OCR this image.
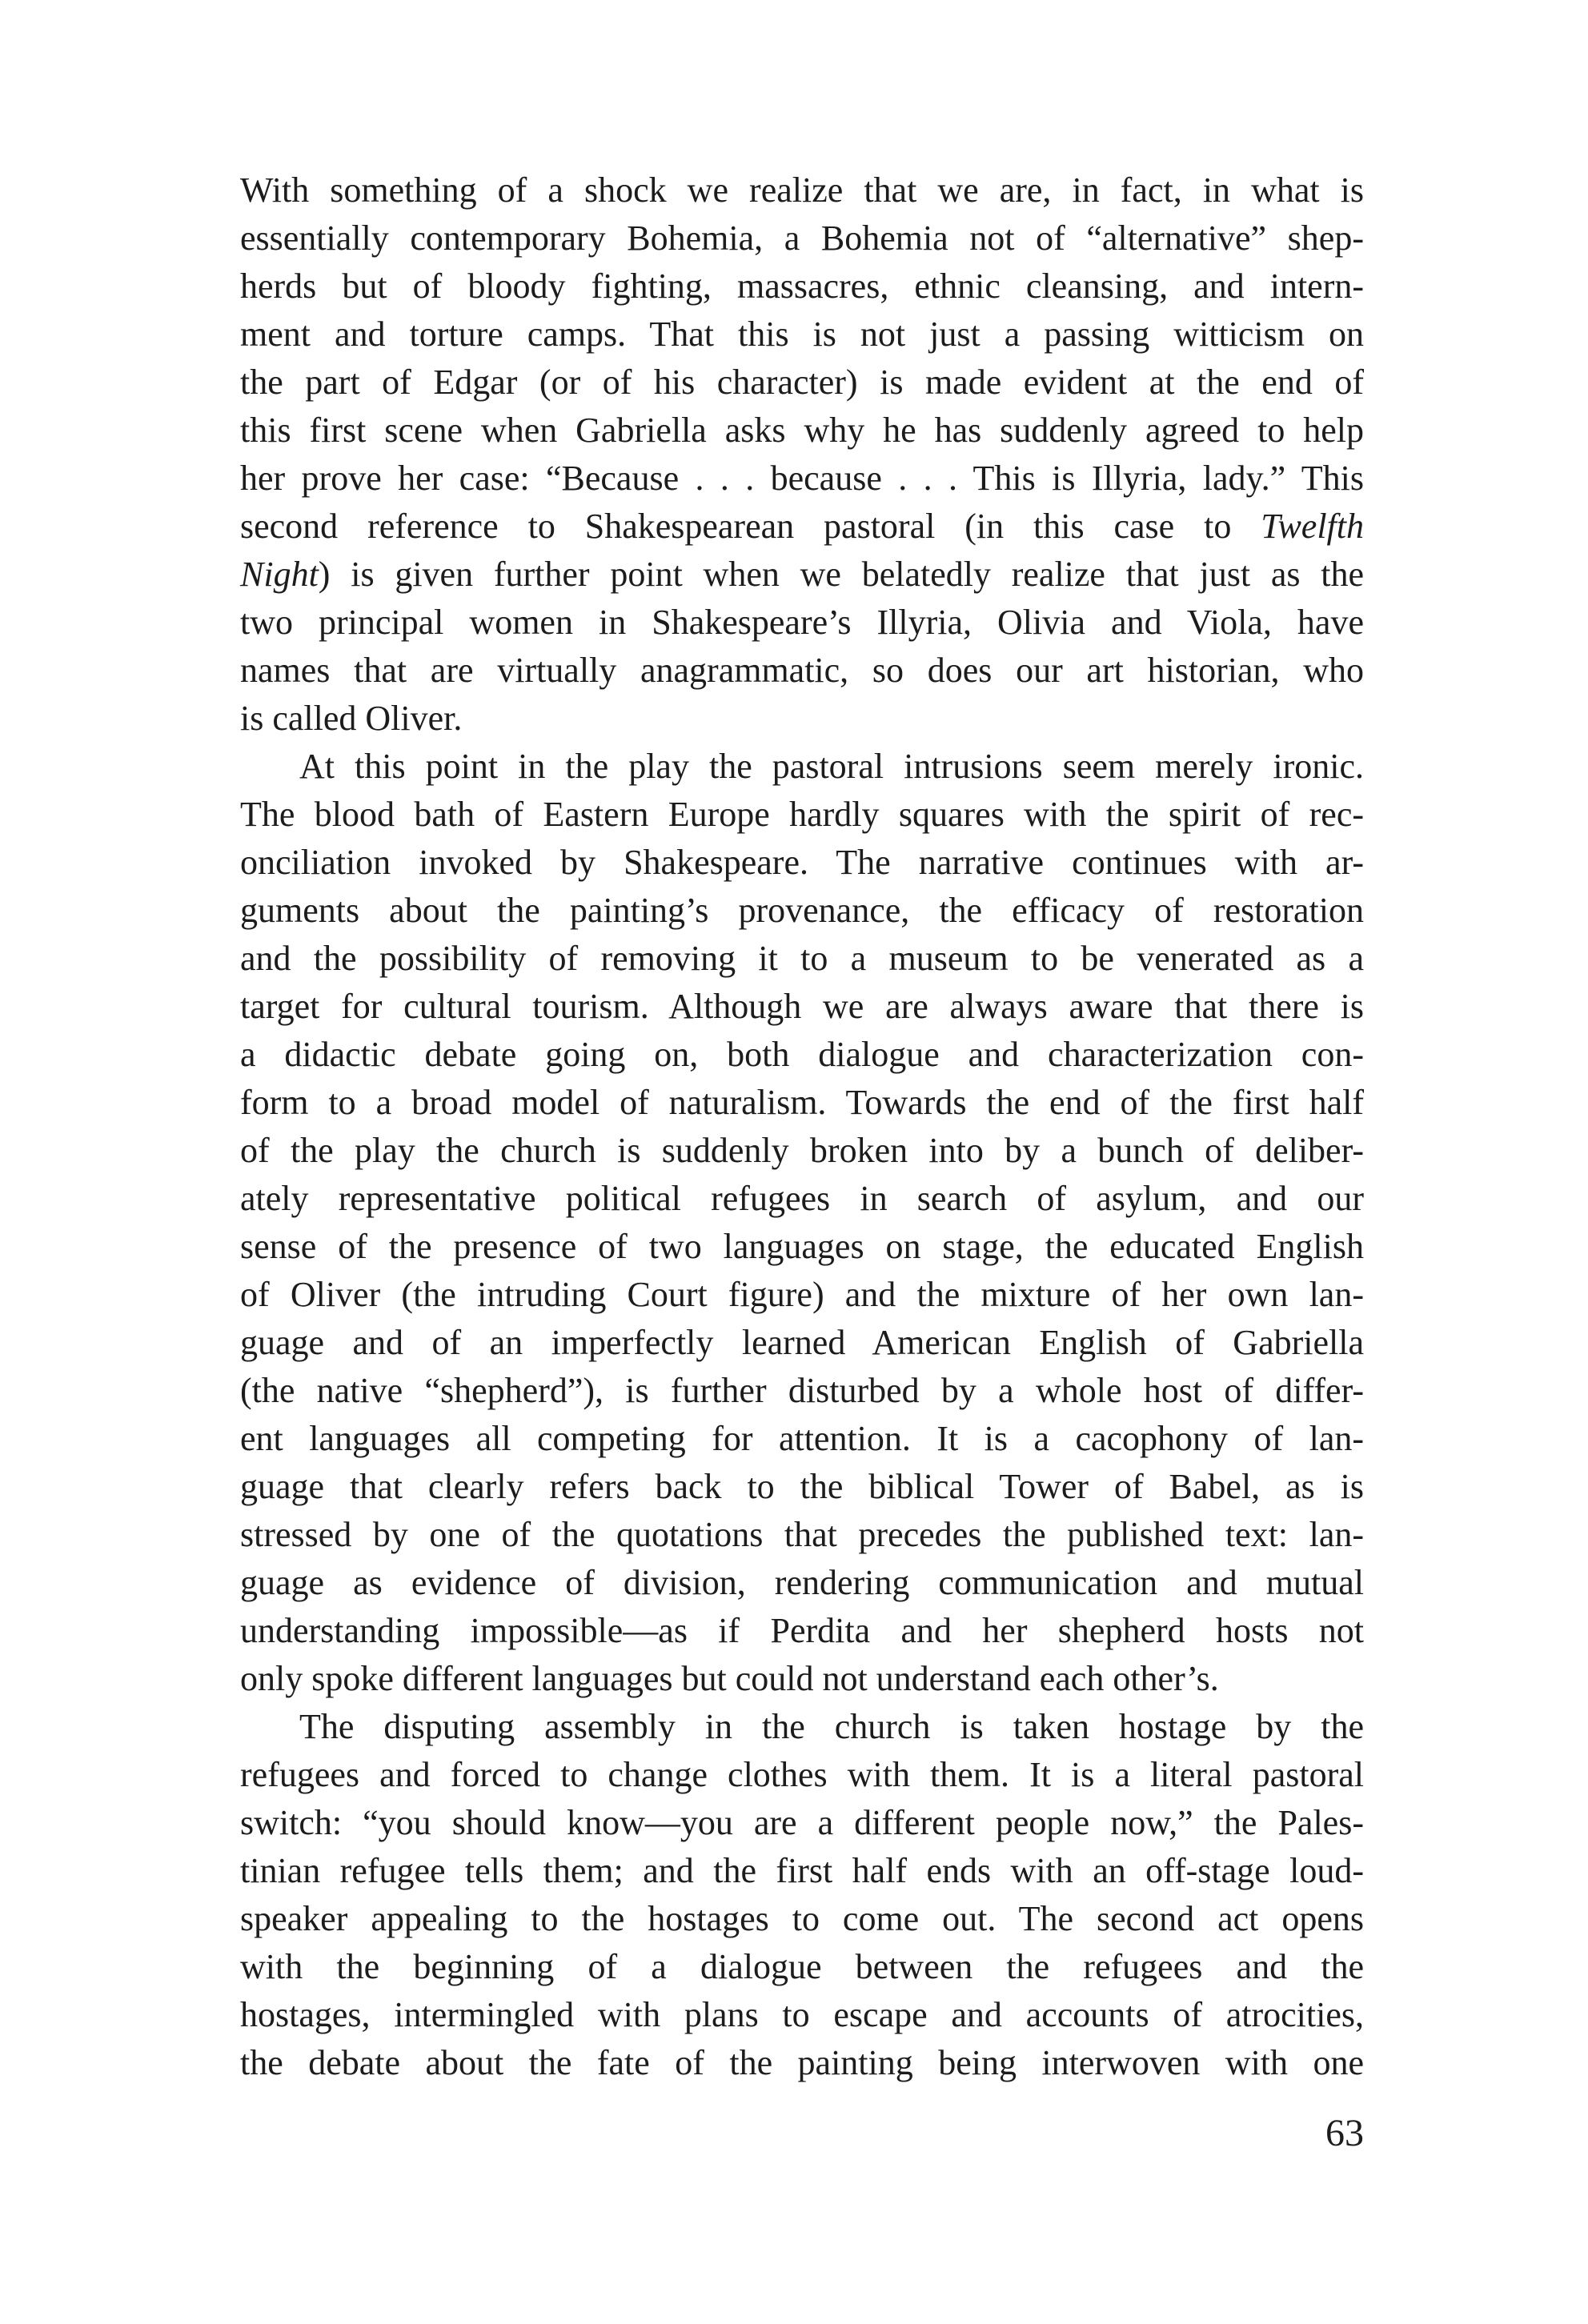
With something of a shock we realize that we are, in fact, in what is
essentially contemporary Bohemia, a Bohemia not of “alternative” shep-
herds but of bloody fighting, massacres, ethnic cleansing, and intern-
ment and torture camps. That this is not just a passing witticism on
the part of Edgar (or of his character) is made evident at the end of
this first scene when Gabriella asks why he has suddenly agreed to help
her prove her case: “Because . . . because . . . This is Illyria, lady.” This
second reference to Shakespearean pastoral (in this case to Twelfth
Night) is given further point when we belatedly realize that just as the
two principal women in Shakespeare’s Illyria, Olivia and Viola, have
names that are virtually anagrammatic, so does our art historian, who
is called Oliver.
At this point in the play the pastoral intrusions seem merely ironic.
The blood bath of Eastern Europe hardly squares with the spirit of rec-
onciliation invoked by Shakespeare. The narrative continues with ar-
guments about the painting’s provenance, the efficacy of restoration
and the possibility of removing it to a museum to be venerated as a
target for cultural tourism. Although we are always aware that there is
a didactic debate going on, both dialogue and characterization con-
form to a broad model of naturalism. Towards the end of the first half
of the play the church is suddenly broken into by a bunch of deliber-
ately representative political refugees in search of asylum, and our
sense of the presence of two languages on stage, the educated English
of Oliver (the intruding Court figure) and the mixture of her own lan-
guage and of an imperfectly learned American English of Gabriella
(the native “shepherd”), is further disturbed by a whole host of differ-
ent languages all competing for attention. It is a cacophony of lan-
guage that clearly refers back to the biblical Tower of Babel, as is
stressed by one of the quotations that precedes the published text: lan-
guage as evidence of division, rendering communication and mutual
understanding impossible—as if Perdita and her shepherd hosts not
only spoke different languages but could not understand each other’s.
The disputing assembly in the church is taken hostage by the
refugees and forced to change clothes with them. It is a literal pastoral
switch: “you should know—you are a different people now,” the Pales-
tinian refugee tells them; and the first half ends with an off-stage loud-
speaker appealing to the hostages to come out. The second act opens
with the beginning of a dialogue between the refugees and the
hostages, intermingled with plans to escape and accounts of atrocities,
the debate about the fate of the painting being interwoven with one
63
